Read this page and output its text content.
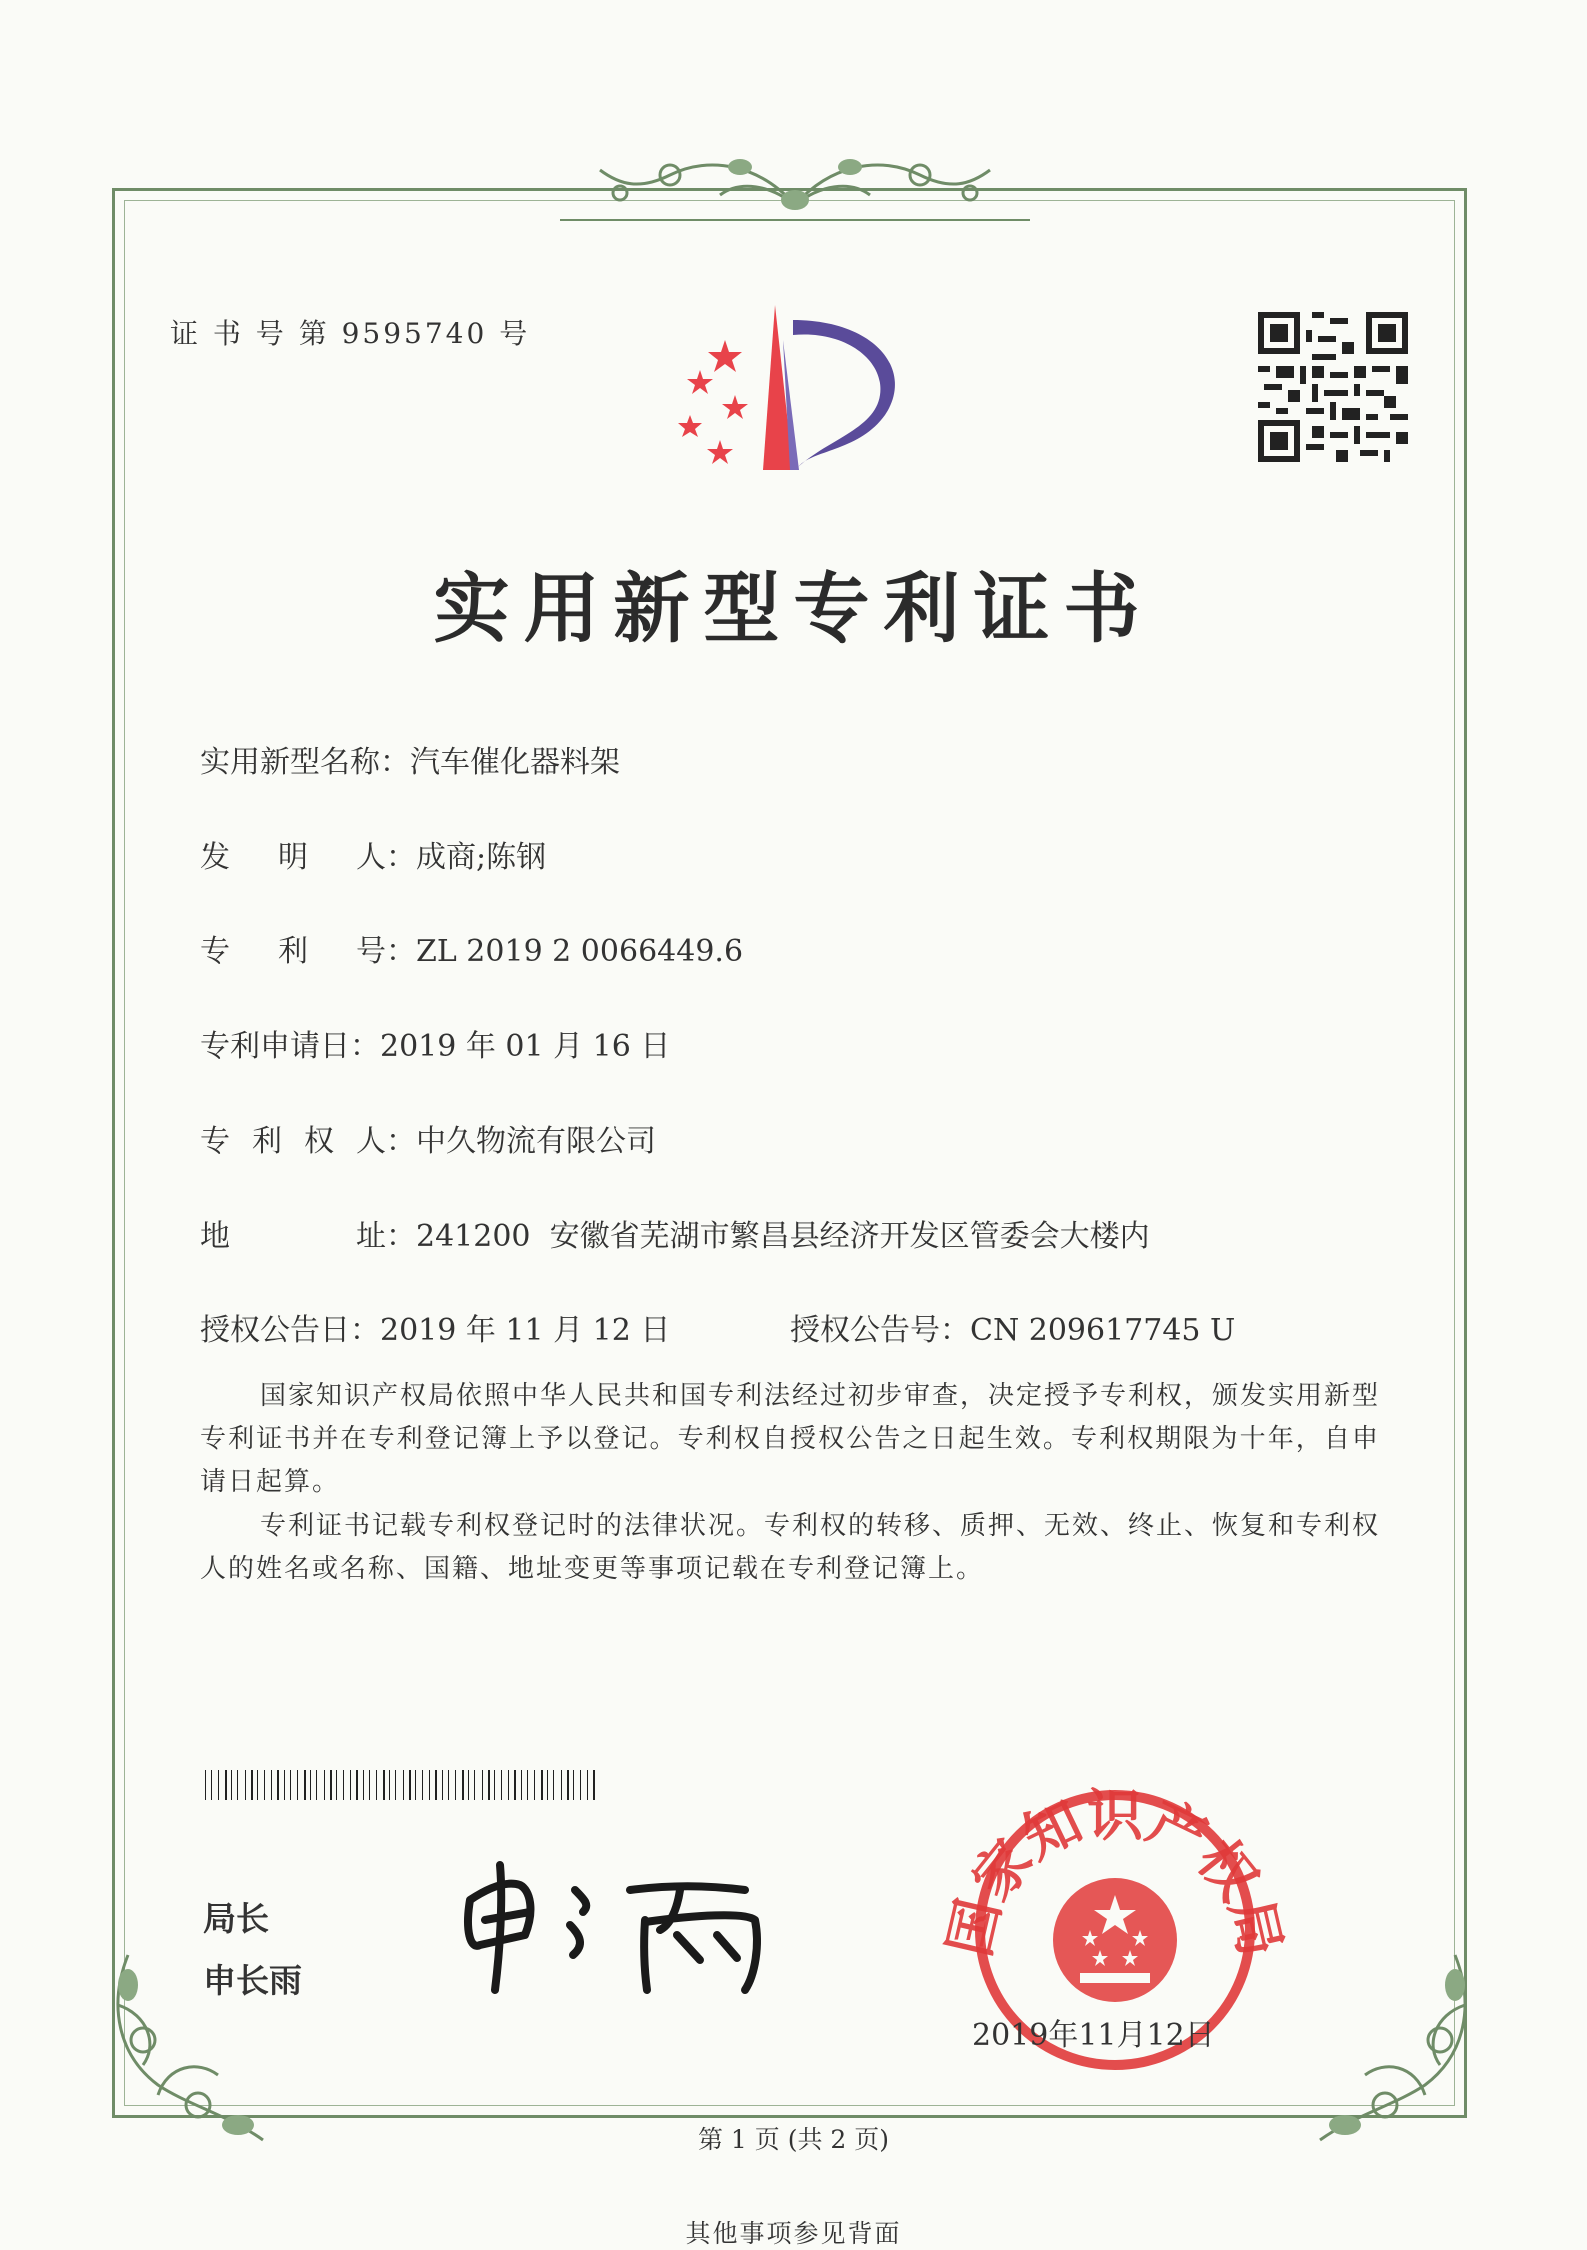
证 书 号 第 9595740 号
实用新型专利证书
实用新型名称：汽车催化器料架
发 明 人 ：成商;陈钢
专 利 号 ：ZL 2019 2 0066449.6
专利申请日：2019 年 01 月 16 日
专 利 权 人 ：中久物流有限公司
地	址 ：241200  安徽省芜湖市繁昌县经济开发区管委会大楼内
授权公告日：2019 年 11 月 12 日	授权公告号：CN 209617745 U
国家知识产权局依照中华人民共和国专利法经过初步审查，决定授予专利权，颁发实用新型专利证书并在专利登记簿上予以登记。专利权自授权公告之日起生效。专利权期限为十年，自申请日起算。
专利证书记载专利权登记时的法律状况。专利权的转移、质押、无效、终止、恢复和专利权人的姓名或名称、国籍、地址变更等事项记载在专利登记簿上。
局长
申长雨
国家知识产权局
2019年11月12日
第 1 页 (共 2 页)
其他事项参见背面
